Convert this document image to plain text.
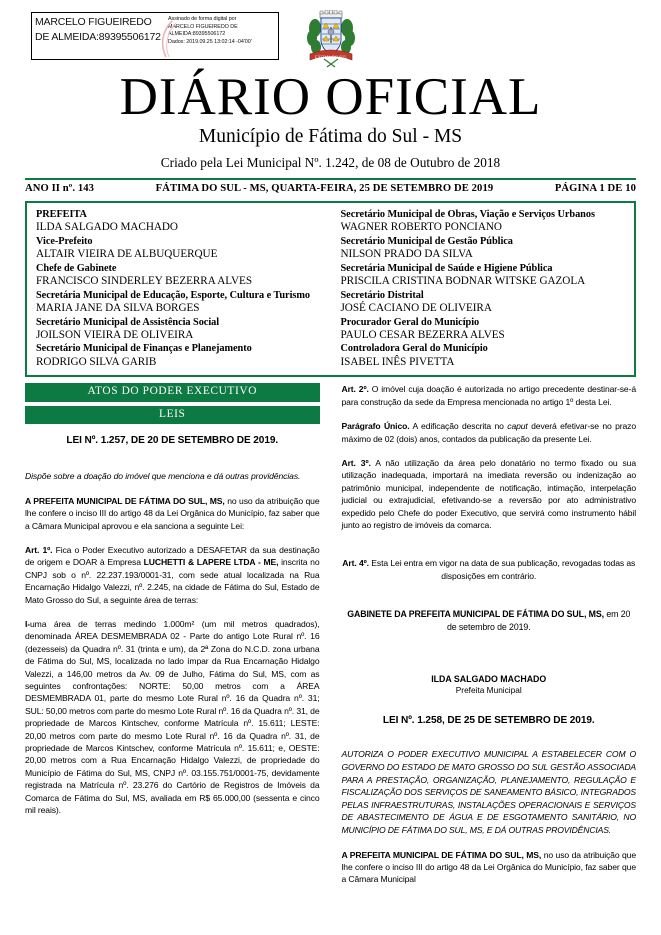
MARCELO FIGUEIREDO DE ALMEIDA:89395506172
Assinado de forma digital por
MARCELO FIGUEIREDO DE
ALMEIDA:89395506172
Dados: 2019.09.25 13:02:14 -04'00'
FÁTIMA DO SUL
DIÁRIO OFICIAL
Município de Fátima do Sul - MS
Criado pela Lei Municipal Nº. 1.242, de 08 de Outubro de 2018
ANO II nº. 143	FÁTIMA DO SUL - MS, QUARTA-FEIRA, 25 DE SETEMBRO DE 2019	PÁGINA 1 DE 10
PREFEITA
ILDA SALGADO MACHADO
Vice-Prefeito
ALTAIR VIEIRA DE ALBUQUERQUE
Chefe de Gabinete
FRANCISCO SINDERLEY BEZERRA ALVES
Secretária Municipal de Educação, Esporte, Cultura e Turismo
MARIA JANE DA SILVA BORGES
Secretário Municipal de Assistência Social
JOILSON VIEIRA DE OLIVEIRA
Secretário Municipal de Finanças e Planejamento
RODRIGO SILVA GARIB
Secretário Municipal de Obras, Viação e Serviços Urbanos
WAGNER ROBERTO PONCIANO
Secretário Municipal de Gestão Pública
NILSON PRADO DA SILVA
Secretária Municipal de Saúde e Higiene Pública
PRISCILA CRISTINA BODNAR WITSKE GAZOLA
Secretário Distrital
JOSÉ CACIANO DE OLIVEIRA
Procurador Geral do Município
PAULO CESAR BEZERRA ALVES
Controladora Geral do Município
ISABEL INÊS PIVETTA
ATOS DO PODER EXECUTIVO
LEIS
LEI Nº. 1.257, DE 20 DE SETEMBRO DE 2019.
Dispõe sobre a doação do imóvel que menciona e dá outras providências.
A PREFEITA MUNICIPAL DE FÁTIMA DO SUL, MS, no uso da atribuição que lhe confere o inciso III do artigo 48 da Lei Orgânica do Município, faz saber que a Câmara Municipal aprovou e ela sanciona a seguinte Lei:
Art. 1º. Fica o Poder Executivo autorizado a DESAFETAR da sua destinação de origem e DOAR à Empresa LUCHETTI & LAPERE LTDA - ME, inscrita no CNPJ sob o nº. 22.237.193/0001-31, com sede atual localizada na Rua Encarnação Hidalgo Valezzi, nº. 2.245, na cidade de Fátima do Sul, Estado de Mato Grosso do Sul, a seguinte área de terras:
I-uma área de terras medindo 1.000m² (um mil metros quadrados), denominada ÁREA DESMEMBRADA 02 - Parte do antigo Lote Rural nº. 16 (dezesseis) da Quadra nº. 31 (trinta e um), da 2ª Zona do N.C.D. zona urbana de Fátima do Sul, MS, localizada no lado ímpar da Rua Encarnação Hidalgo Valezzi, a 146,00 metros da Av. 09 de Julho, Fátima do Sul, MS, com as seguintes confrontações: NORTE: 50,00 metros com a ÁREA DESMEMBRADA 01, parte do mesmo Lote Rural nº. 16 da Quadra nº. 31; SUL: 50,00 metros com parte do mesmo Lote Rural nº. 16 da Quadra nº. 31, de propriedade de Marcos Kintschev, conforme Matrícula nº. 15.611; LESTE: 20,00 metros com parte do mesmo Lote Rural nº. 16 da Quadra nº. 31, de propriedade de Marcos Kintschev, conforme Matrícula nº. 15.611; e, OESTE: 20,00 metros com a Rua Encarnação Hidalgo Valezzi, de propriedade do Município de Fátima do Sul, MS, CNPJ nº. 03.155.751/0001-75, devidamente registrada na Matrícula nº. 23.276 do Cartório de Registros de Imóveis da Comarca de Fátima do Sul, MS, avaliada em R$ 65.000,00 (sessenta e cinco mil reais).
Art. 2º. O imóvel cuja doação é autorizada no artigo precedente destinar-se-á para construção da sede da Empresa mencionada no artigo 1º desta Lei.
Parágrafo Único. A edificação descrita no caput deverá efetivar-se no prazo máximo de 02 (dois) anos, contados da publicação da presente Lei.
Art. 3º. A não utilização da área pelo donatário no termo fixado ou sua utilização inadequada, importará na imediata reversão ou indenização ao patrimônio municipal, independente de notificação, intimação, interpelação judicial ou extrajudicial, efetivando-se a reversão por ato administrativo expedido pelo Chefe do poder Executivo, que servirá como instrumento hábil junto ao registro de imóveis da comarca.
Art. 4º. Esta Lei entra em vigor na data de sua publicação, revogadas todas as disposições em contrário.
GABINETE DA PREFEITA MUNICIPAL DE FÁTIMA DO SUL, MS, em 20 de setembro de 2019.
ILDA SALGADO MACHADO
Prefeita Municipal
LEI Nº. 1.258, DE 25 DE SETEMBRO DE 2019.
AUTORIZA O PODER EXECUTIVO MUNICIPAL A ESTABELECER COM O GOVERNO DO ESTADO DE MATO GROSSO DO SUL GESTÃO ASSOCIADA PARA A PRESTAÇÃO, ORGANIZAÇÃO, PLANEJAMENTO, REGULAÇÃO E FISCALIZAÇÃO DOS SERVIÇOS DE SANEAMENTO BÁSICO, INTEGRADOS PELAS INFRAESTRUTURAS, INSTALAÇÕES OPERACIONAIS E SERVIÇOS DE ABASTECIMENTO DE ÁGUA E DE ESGOTAMENTO SANITÁRIO, NO MUNICÍPIO DE FÁTIMA DO SUL, MS, E DÁ OUTRAS PROVIDÊNCIAS.
A PREFEITA MUNICIPAL DE FÁTIMA DO SUL, MS, no uso da atribuição que lhe confere o inciso III do artigo 48 da Lei Orgânica do Município, faz saber que a Câmara Municipal
